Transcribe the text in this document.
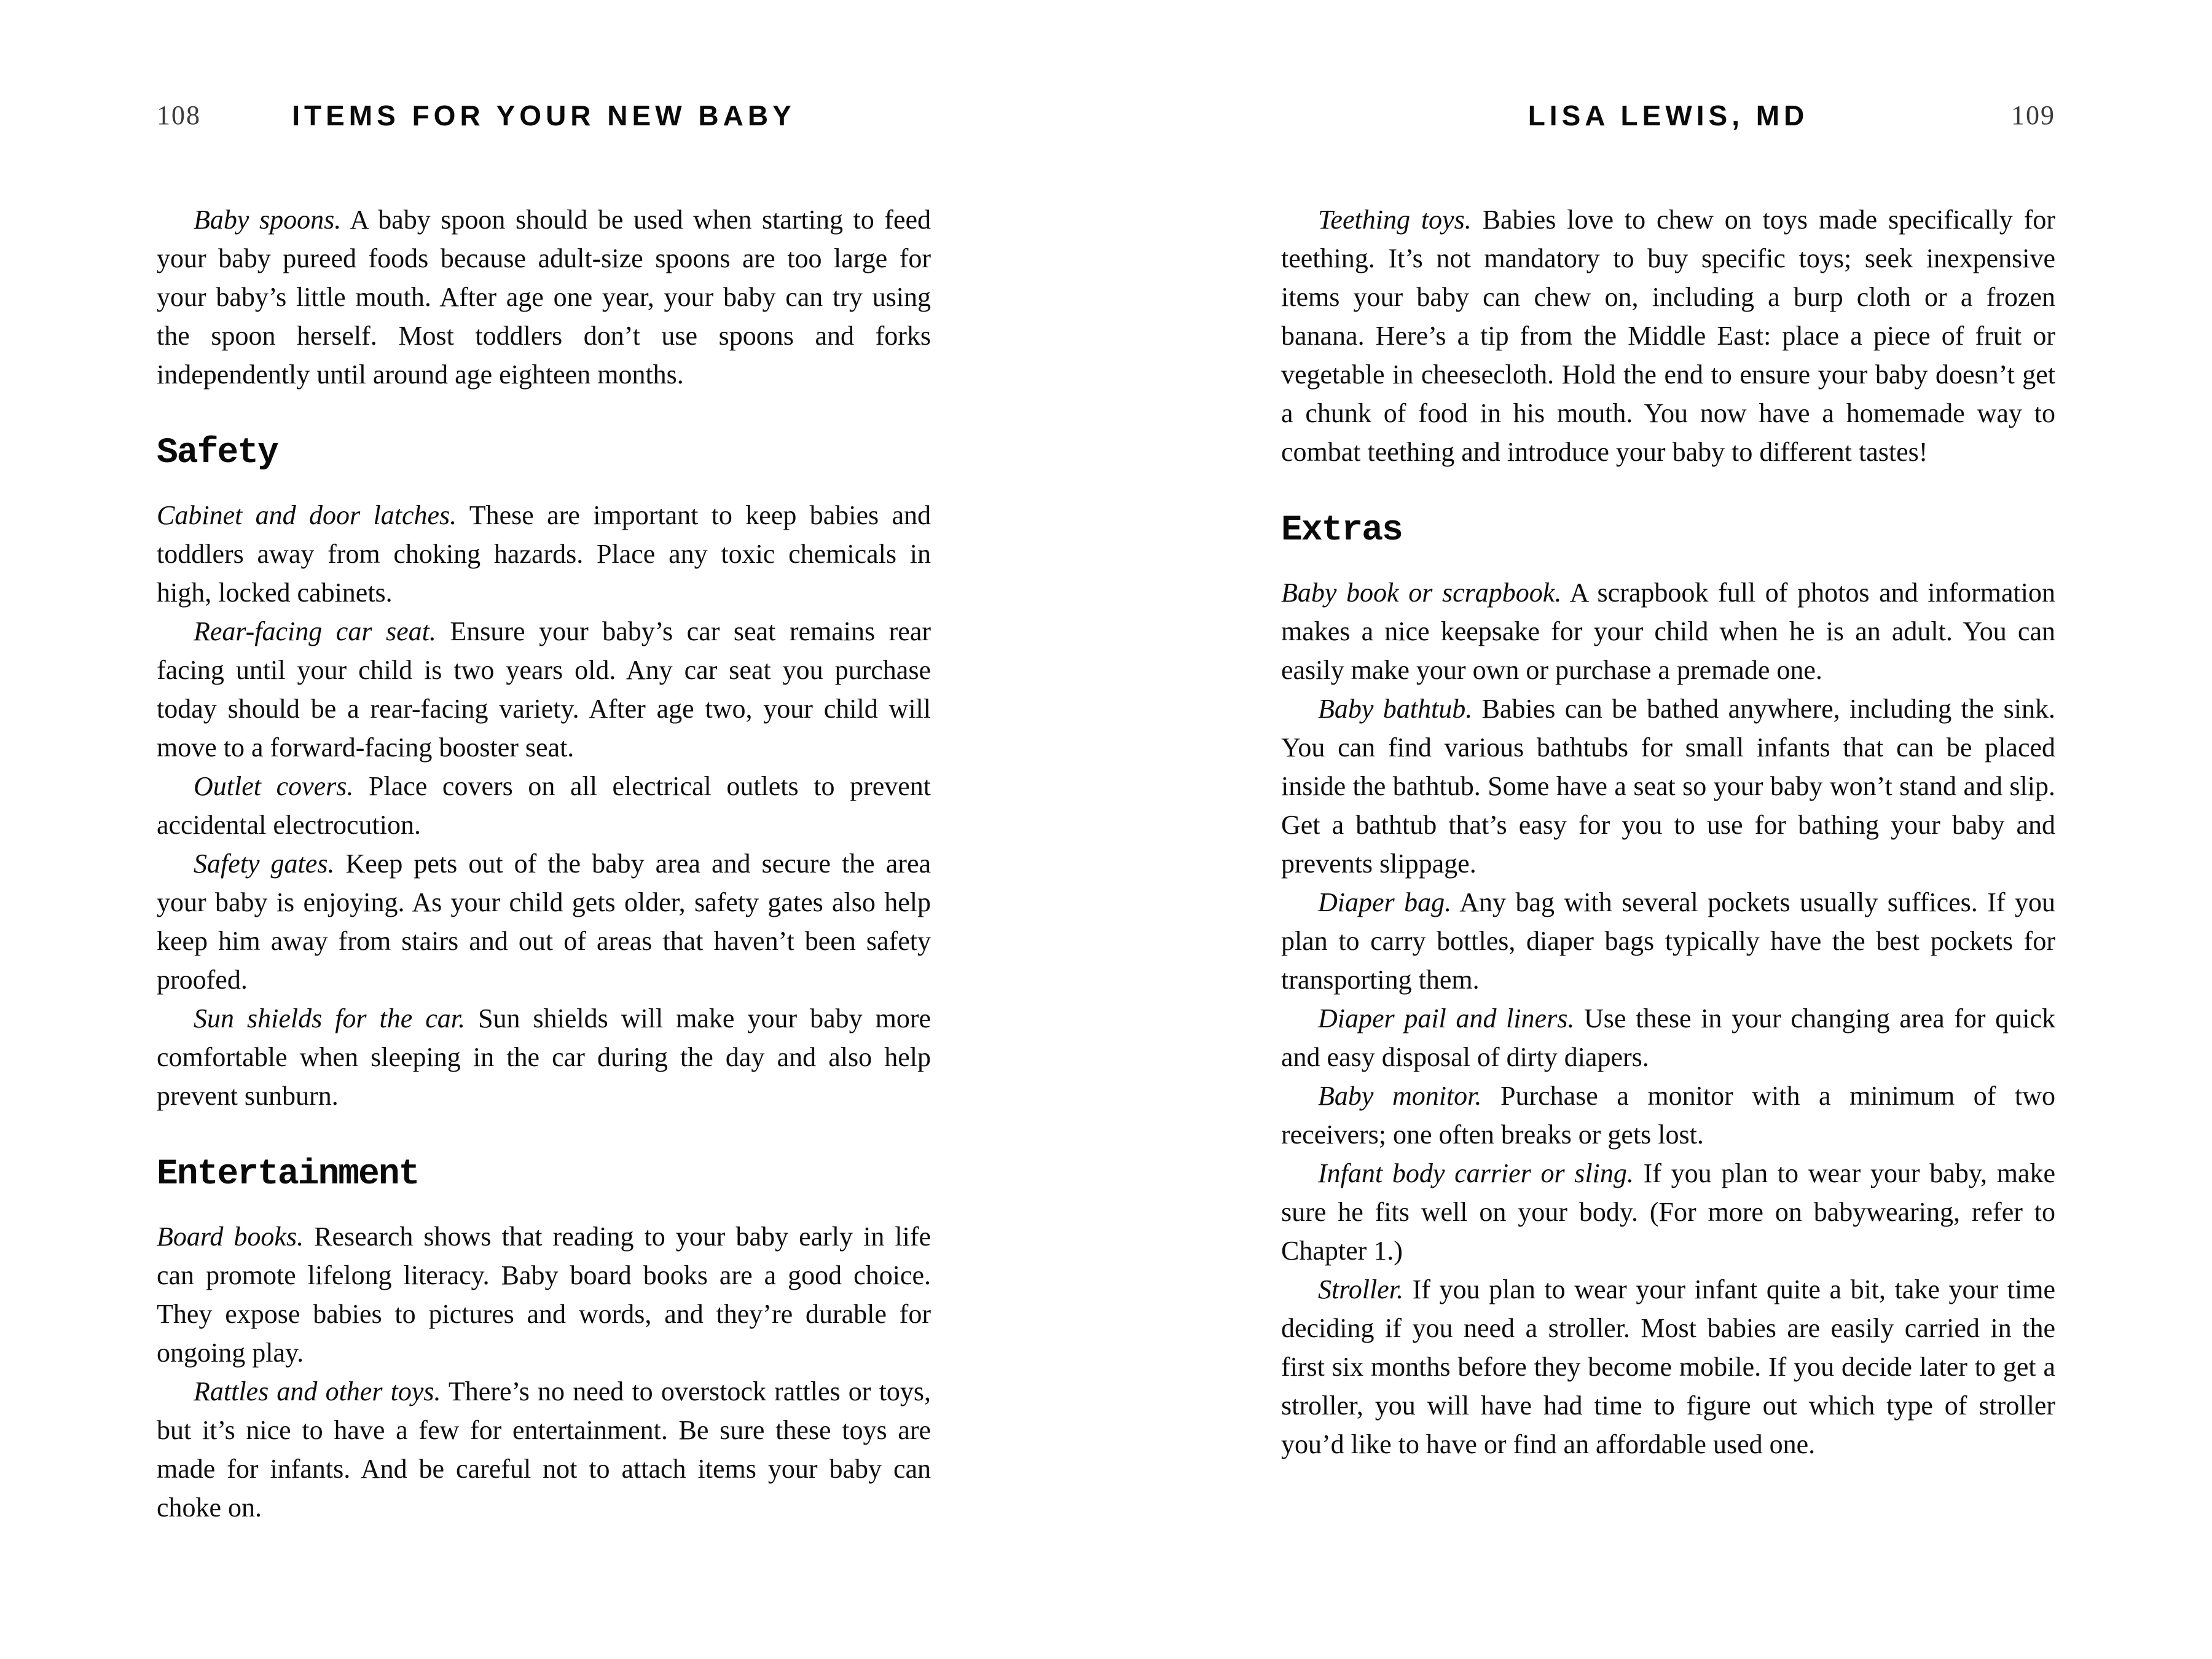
108	ITEMS FOR YOUR NEW BABY

Baby spoons. A baby spoon should be used when starting to feed your baby pureed foods because adult-size spoons are too large for your baby’s little mouth. After age one year, your baby can try using the spoon herself. Most toddlers don’t use spoons and forks independently until around age eighteen months.

Safety

Cabinet and door latches. These are important to keep babies and toddlers away from choking hazards. Place any toxic chemicals in high, locked cabinets.

Rear-facing car seat. Ensure your baby’s car seat remains rear facing until your child is two years old. Any car seat you purchase today should be a rear-facing variety. After age two, your child will move to a forward-facing booster seat.

Outlet covers. Place covers on all electrical outlets to prevent accidental electrocution.

Safety gates. Keep pets out of the baby area and secure the area your baby is enjoying. As your child gets older, safety gates also help keep him away from stairs and out of areas that haven’t been safety proofed.

Sun shields for the car. Sun shields will make your baby more comfortable when sleeping in the car during the day and also help prevent sunburn.

Entertainment

Board books. Research shows that reading to your baby early in life can promote lifelong literacy. Baby board books are a good choice. They expose babies to pictures and words, and they’re durable for ongoing play.

Rattles and other toys. There’s no need to overstock rattles or toys, but it’s nice to have a few for entertainment. Be sure these toys are made for infants. And be careful not to attach items your baby can choke on.

LISA LEWIS, MD	109

Teething toys. Babies love to chew on toys made specifically for teething. It’s not mandatory to buy specific toys; seek inexpensive items your baby can chew on, including a burp cloth or a frozen banana. Here’s a tip from the Middle East: place a piece of fruit or vegetable in cheesecloth. Hold the end to ensure your baby doesn’t get a chunk of food in his mouth. You now have a homemade way to combat teething and introduce your baby to different tastes!

Extras

Baby book or scrapbook. A scrapbook full of photos and information makes a nice keepsake for your child when he is an adult. You can easily make your own or purchase a premade one.

Baby bathtub. Babies can be bathed anywhere, including the sink. You can find various bathtubs for small infants that can be placed inside the bathtub. Some have a seat so your baby won’t stand and slip. Get a bathtub that’s easy for you to use for bathing your baby and prevents slippage.

Diaper bag. Any bag with several pockets usually suffices. If you plan to carry bottles, diaper bags typically have the best pockets for transporting them.

Diaper pail and liners. Use these in your changing area for quick and easy disposal of dirty diapers.

Baby monitor. Purchase a monitor with a minimum of two receivers; one often breaks or gets lost.

Infant body carrier or sling. If you plan to wear your baby, make sure he fits well on your body. (For more on babywearing, refer to Chapter 1.)

Stroller. If you plan to wear your infant quite a bit, take your time deciding if you need a stroller. Most babies are easily carried in the first six months before they become mobile. If you decide later to get a stroller, you will have had time to figure out which type of stroller you’d like to have or find an affordable used one.
